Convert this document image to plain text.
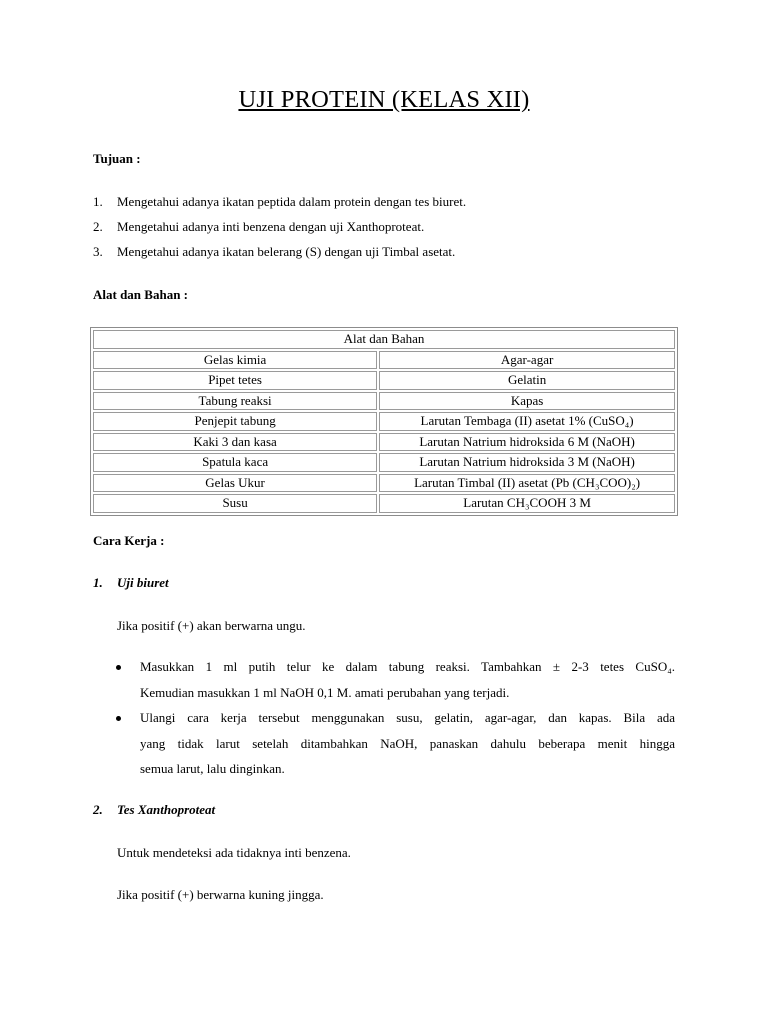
UJI PROTEIN (KELAS XII)
Tujuan :
1. Mengetahui adanya ikatan peptida dalam protein dengan tes biuret.
2. Mengetahui adanya inti benzena dengan uji Xanthoproteat.
3. Mengetahui adanya ikatan belerang (S) dengan uji Timbal asetat.
Alat dan Bahan :
Alat dan Bahan	
Gelas kimia	Agar-agar
Pipet tetes	Gelatin
Tabung reaksi	Kapas
Penjepit tabung	Larutan Tembaga (II) asetat 1% (CuSO₄)
Kaki 3 dan kasa	Larutan Natrium hidroksida 6 M (NaOH)
Spatula kaca	Larutan Natrium hidroksida 3 M (NaOH)
Gelas Ukur	Larutan Timbal (II) asetat (Pb (CH₃COO)₂)
Susu	Larutan CH₃COOH 3 M
Cara Kerja :
1. Uji biuret
Jika positif (+) akan berwarna ungu.
Masukkan 1 ml putih telur ke dalam tabung reaksi. Tambahkan ± 2-3 tetes CuSO₄.
Kemudian masukkan 1 ml NaOH 0,1 M. amati perubahan yang terjadi.
Ulangi cara kerja tersebut menggunakan susu, gelatin, agar-agar, dan kapas. Bila ada
yang tidak larut setelah ditambahkan NaOH, panaskan dahulu beberapa menit hingga
semua larut, lalu dinginkan.
2. Tes Xanthoproteat
Untuk mendeteksi ada tidaknya inti benzena.
Jika positif (+) berwarna kuning jingga.
